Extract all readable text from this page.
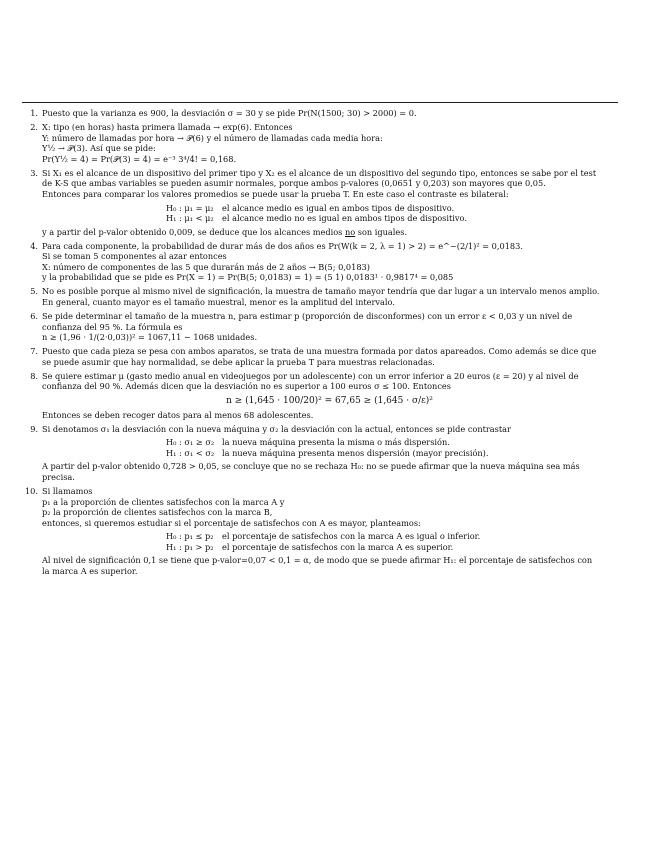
1. Puesto que la varianza es 900, la desviación σ = 30 y se pide Pr(N(1500; 30) > 2000) = 0.
2. X: tipo (en horas) hasta primera llamada → exp(6). Entonces
Y: número de llamadas por hora → 𝒫(6) y el número de llamadas cada media hora:
Y½ → 𝒫(3). Así que se pide:
Pr(Y½ = 4) = Pr(𝒫(3) = 4) = e⁻³ 3⁴/4! = 0,168.
3. Si X₁ es el alcance de un dispositivo del primer tipo y X₂ es el alcance de un dispositivo del segundo tipo, entonces se sabe por el test
de K-S que ambas variables se pueden asumir normales, porque ambos p-valores (0,0651 y 0,203) son mayores que 0,05.
Entonces para comparar los valores promedios se puede usar la prueba T. En este caso el contraste es bilateral:
H₀ : μ₁ = μ₂	el alcance medio es igual en ambos tipos de dispositivo.
H₁ : μ₁ < μ₂	el alcance medio no es igual en ambos tipos de dispositivo.
y a partir del p-valor obtenido 0,009, se deduce que los alcances medios no son iguales.
4. Para cada componente, la probabilidad de durar más de dos años es Pr(W(k = 2, λ = 1) > 2) = e^−(2/1)² = 0,0183.
Si se toman 5 componentes al azar entonces
X: número de componentes de las 5 que durarán más de 2 años → B(5; 0,0183)
y la probabilidad que se pide es Pr(X = 1) = Pr(B(5; 0,0183) = 1) = (5 1) 0,0183¹ · 0,9817⁴ = 0,085
5. No es posible porque al mismo nivel de significación, la muestra de tamaño mayor tendría que dar lugar a un intervalo menos amplio.
En general, cuanto mayor es el tamaño muestral, menor es la amplitud del intervalo.
6. Se pide determinar el tamaño de la muestra n, para estimar p (proporción de disconformes) con un error ε < 0,03 y un nivel de
confianza del 95 %. La fórmula es
n ≥ (1,96 · 1/(2·0,03))² = 1067,11 ∼ 1068 unidades.
7. Puesto que cada pieza se pesa con ambos aparatos, se trata de una muestra formada por datos apareados. Como además se dice que
se puede asumir que hay normalidad, se debe aplicar la prueba T para muestras relacionadas.
8. Se quiere estimar μ (gasto medio anual en videojuegos por un adolescente) con un error inferior a 20 euros (ε = 20) y al nivel de
confianza del 90 %. Además dicen que la desviación no es superior a 100 euros σ ≤ 100. Entonces
n ≥ (1,645 · 100/20)² = 67,65 ≥ (1,645 · σ/ε)²
Entonces se deben recoger datos para al menos 68 adolescentes.
9. Si denotamos σ₁ la desviación con la nueva máquina y σ₂ la desviación con la actual, entonces se pide contrastar
H₀ : σ₁ ≥ σ₂ la nueva máquina presenta la misma o más dispersión.
H₁ : σ₁ < σ₂ la nueva máquina presenta menos dispersión (mayor precisión).
A partir del p-valor obtenido 0,728 > 0,05, se concluye que no se rechaza H₀: no se puede afirmar que la nueva máquina sea más
precisa.
10. Si llamamos
p₁ a la proporción de clientes satisfechos con la marca A y
p₂ la proporción de clientes satisfechos con la marca B,
entonces, si queremos estudiar si el porcentaje de satisfechos con A es mayor, planteamos:
H₀ : p₁ ≤ p₂	el porcentaje de satisfechos con la marca A es igual o inferior.
H₁ : p₁ > p₂	el porcentaje de satisfechos con la marca A es superior.
Al nivel de significación 0,1 se tiene que p-valor=0,07 < 0,1 = α, de modo que se puede afirmar H₁: el porcentaje de satisfechos con
la marca A es superior.
